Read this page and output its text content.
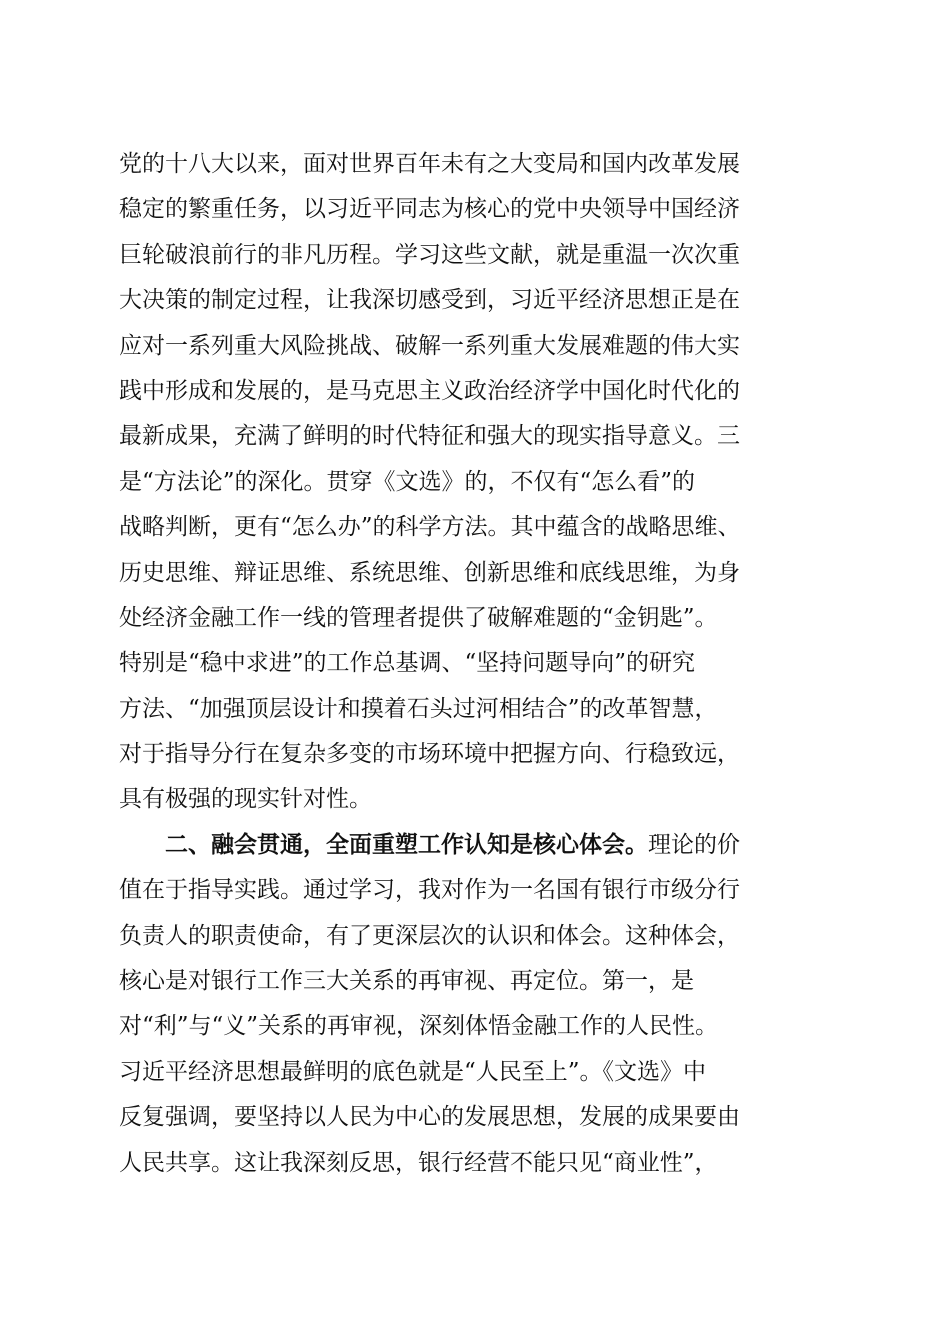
党的十八大以来，面对世界百年未有之大变局和国内改革发展
稳定的繁重任务，以习近平同志为核心的党中央领导中国经济
巨轮破浪前行的非凡历程。学习这些文献，就是重温一次次重
大决策的制定过程，让我深切感受到，习近平经济思想正是在
应对一系列重大风险挑战、破解一系列重大发展难题的伟大实
践中形成和发展的，是马克思主义政治经济学中国化时代化的
最新成果，充满了鲜明的时代特征和强大的现实指导意义。三
是“方法论”的深化。贯穿《文选》的，不仅有“怎么看”的
战略判断，更有“怎么办”的科学方法。其中蕴含的战略思维、
历史思维、辩证思维、系统思维、创新思维和底线思维，为身
处经济金融工作一线的管理者提供了破解难题的“金钥匙”。
特别是“稳中求进”的工作总基调、“坚持问题导向”的研究
方法、“加强顶层设计和摸着石头过河相结合”的改革智慧，
对于指导分行在复杂多变的市场环境中把握方向、行稳致远，
具有极强的现实针对性。
二、融会贯通，全面重塑工作认知是核心体会。理论的价
值在于指导实践。通过学习，我对作为一名国有银行市级分行
负责人的职责使命，有了更深层次的认识和体会。这种体会，
核心是对银行工作三大关系的再审视、再定位。第一，是
对“利”与“义”关系的再审视，深刻体悟金融工作的人民性。
习近平经济思想最鲜明的底色就是“人民至上”。《文选》中
反复强调，要坚持以人民为中心的发展思想，发展的成果要由
人民共享。这让我深刻反思，银行经营不能只见“商业性”，
